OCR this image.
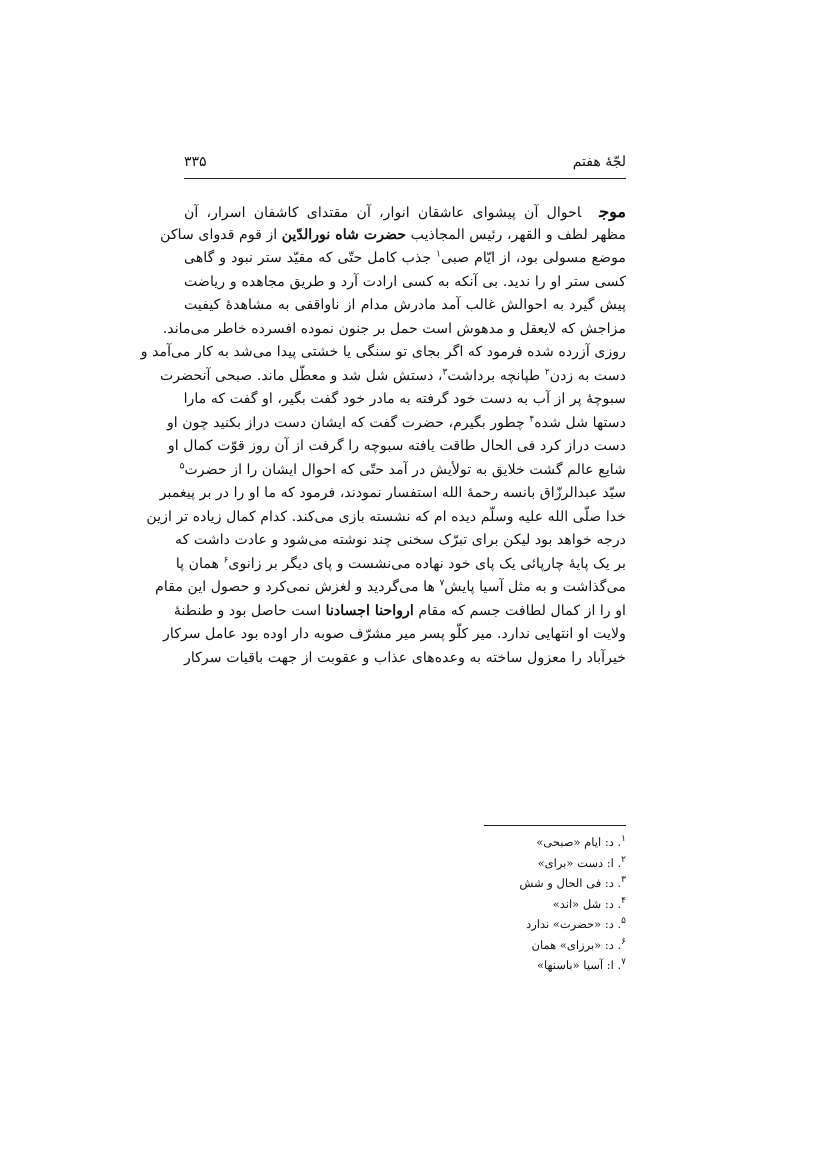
لجّهٔ هفتم
۳۳۵
موجاحوال آن پیشوای عاشقان انوار، آن مقتدای کاشفان اسرار، آن
مظهر لطف و القهر، رئیس المجاذیب حضرت شاه نورالدّین از قوم قدوای ساکن
موضع مسولی بود، از ایّام صبی$^۱$ جذب کامل حتّی که مقیّد ستر نبود و گاهی
کسی ستر او را ندید. بی آنکه به کسی ارادت آرد و طریق مجاهده و ریاضت
پیش گیرد به احوالش غالب آمد مادرش مدام از ناواقفی به مشاهدهٔ کیفیت
مزاجش که لایعقل و مدهوش است حمل بر جنون نموده افسرده خاطر می‌ماند.
روزی آزرده شده فرمود که اگر بجای تو سنگی یا خشتی پیدا می‌شد به کار می‌آمد و
دست به زدن$^۲$ طپانچه برداشت$^۳$، دستش شل شد و معطّل ماند. صبحی آنحضرت
سبوچهٔ پر از آب به دست خود گرفته به مادر خود گفت بگیر، او گفت که مارا
دستها شل شده$^۴$ چطور بگیرم، حضرت گفت که ایشان دست دراز بکنید چون او
دست دراز کرد فی الحال طاقت یافته سبوچه را گرفت از آن روز قوّت کمال او
شایع عالم گشت خلایق به تولأیش در آمد حتّی که احوال ایشان را از حضرت$^۵$
سیّد عبدالرزّاق بانسه رحمهٔ الله استفسار نمودند، فرمود که ما او را در بر پیغمبر
خدا صلّی الله علیه وسلّم دیده ام که نشسته بازی می‌کند. کدام کمال زیاده تر ازین
درجه خواهد بود لیکن برای تبرّک سخنی چند نوشته می‌شود و عادت داشت که
بر یک پایهٔ چارپائی یک پای خود نهاده می‌نشست و پای دیگر بر زانوی$^۶$ همان پا
می‌گذاشت و به مثل آسیا پایش$^۷$ ها می‌گردید و لغزش نمی‌کرد و حصول این مقام
او را از کمال لطافت جسم که مقام ارواحنا اجسادنا است حاصل بود و طنطنهٔ
ولایت او انتهایی ندارد. میر کلّو پسر میر مشرّف صوبه دار اوده بود عامل سرکار
خیرآباد را معزول ساخته به وعده‌های عذاب و عقوبت از جهت باقیات سرکار
$^۱$. د: ایام «صبحی»
$^۲$. ا: دست «برای»
$^۳$. د: فی الحال و شش
$^۴$. د: شل «اند»
$^۵$. د: «حضرت» ندارد
$^۶$. د: «برزای» همان
$^۷$. ا: آسیا «باسنها»
